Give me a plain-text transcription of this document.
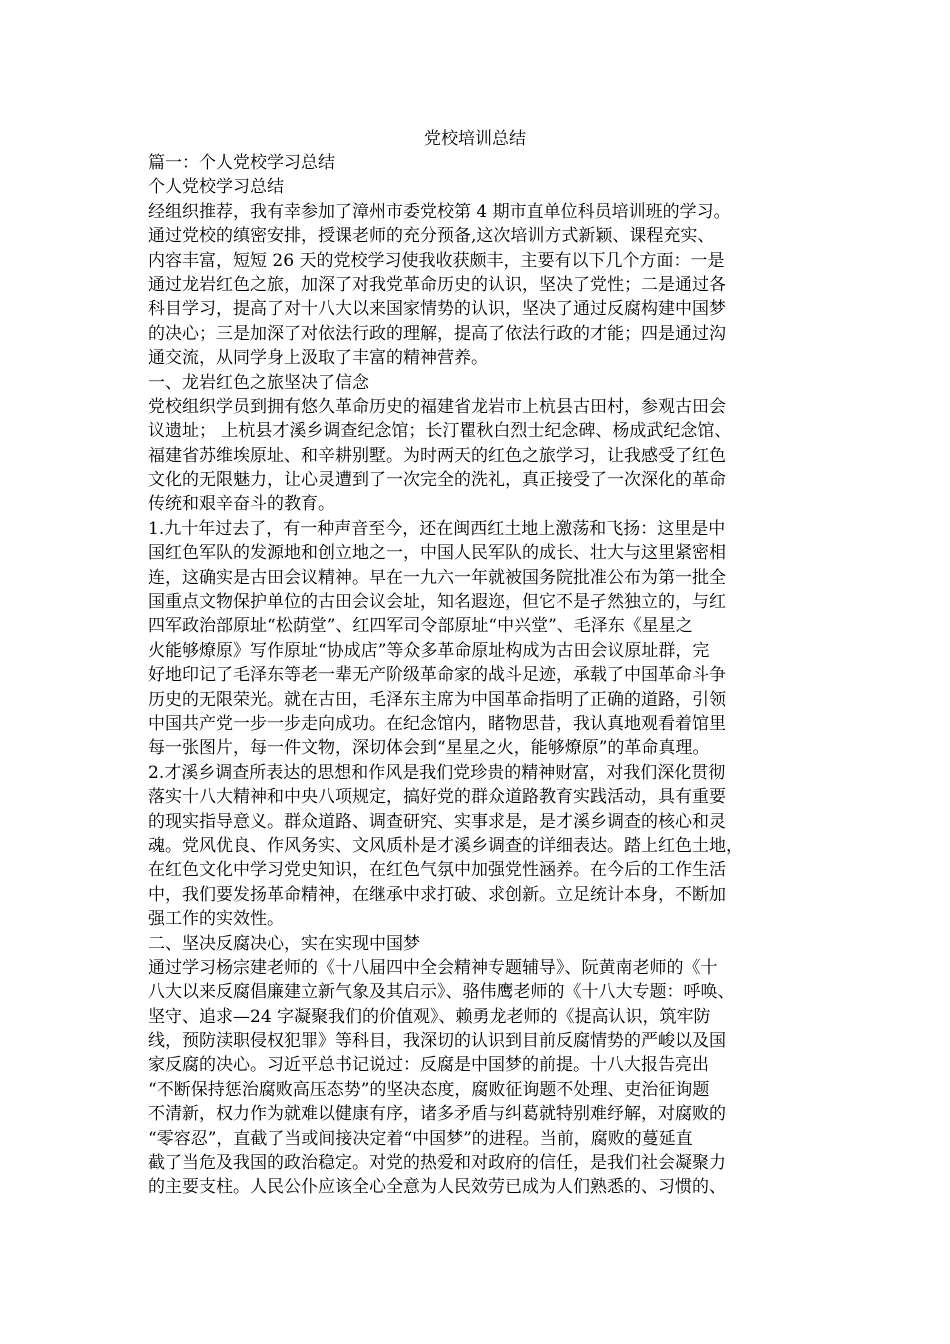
党校培训总结
篇一：个人党校学习总结
个人党校学习总结
经组织推荐，我有幸参加了漳州市委党校第 4 期市直单位科员培训班的学习。
通过党校的缜密安排，授课老师的充分预备,这次培训方式新颖、课程充实、
内容丰富，短短 26 天的党校学习使我收获颇丰，主要有以下几个方面：一是
通过龙岩红色之旅，加深了对我党革命历史的认识，坚决了党性；二是通过各
科目学习，提高了对十八大以来国家情势的认识，坚决了通过反腐构建中国梦
的决心；三是加深了对依法行政的理解，提高了依法行政的才能；四是通过沟
通交流，从同学身上汲取了丰富的精神营养。
一、龙岩红色之旅坚决了信念
党校组织学员到拥有悠久革命历史的福建省龙岩市上杭县古田村，参观古田会
议遗址； 上杭县才溪乡调查纪念馆；长汀瞿秋白烈士纪念碑、杨成武纪念馆、
福建省苏维埃原址、和辛耕别墅。为时两天的红色之旅学习，让我感受了红色
文化的无限魅力，让心灵遭到了一次完全的洗礼，真正接受了一次深化的革命
传统和艰辛奋斗的教育。
1.九十年过去了，有一种声音至今，还在闽西红土地上激荡和飞扬：这里是中
国红色军队的发源地和创立地之一，中国人民军队的成长、壮大与这里紧密相
连，这确实是古田会议精神。早在一九六一年就被国务院批准公布为第一批全
国重点文物保护单位的古田会议会址，知名遐迩，但它不是孑然独立的，与红
四军政治部原址“松荫堂”、红四军司令部原址“中兴堂”、毛泽东《星星之
火能够燎原》写作原址“协成店”等众多革命原址构成为古田会议原址群，完
好地印记了毛泽东等老一辈无产阶级革命家的战斗足迹，承载了中国革命斗争
历史的无限荣光。就在古田，毛泽东主席为中国革命指明了正确的道路，引领
中国共产党一步一步走向成功。在纪念馆内，睹物思昔，我认真地观看着馆里
每一张图片，每一件文物，深切体会到“星星之火，能够燎原”的革命真理。
2.才溪乡调查所表达的思想和作风是我们党珍贵的精神财富，对我们深化贯彻
落实十八大精神和中央八项规定，搞好党的群众道路教育实践活动，具有重要
的现实指导意义。群众道路、调查研究、实事求是，是才溪乡调查的核心和灵
魂。党风优良、作风务实、文风质朴是才溪乡调查的详细表达。踏上红色土地，
在红色文化中学习党史知识，在红色气氛中加强党性涵养。在今后的工作生活
中，我们要发扬革命精神，在继承中求打破、求创新。立足统计本身，不断加
强工作的实效性。
二、坚决反腐决心，实在实现中国梦
通过学习杨宗建老师的《十八届四中全会精神专题辅导》、阮黄南老师的《十
八大以来反腐倡廉建立新气象及其启示》、骆伟鹰老师的《十八大专题：呼唤、
坚守、追求—24 字凝聚我们的价值观》、赖勇龙老师的《提高认识，筑牢防
线，预防渎职侵权犯罪》等科目，我深切的认识到目前反腐情势的严峻以及国
家反腐的决心。习近平总书记说过：反腐是中国梦的前提。十八大报告亮出
“不断保持惩治腐败高压态势”的坚决态度，腐败征询题不处理、吏治征询题
不清新，权力作为就难以健康有序，诸多矛盾与纠葛就特别难纾解，对腐败的
“零容忍”，直截了当或间接决定着“中国梦”的进程。当前，腐败的蔓延直
截了当危及我国的政治稳定。对党的热爱和对政府的信任，是我们社会凝聚力
的主要支柱。人民公仆应该全心全意为人民效劳已成为人们熟悉的、习惯的、
